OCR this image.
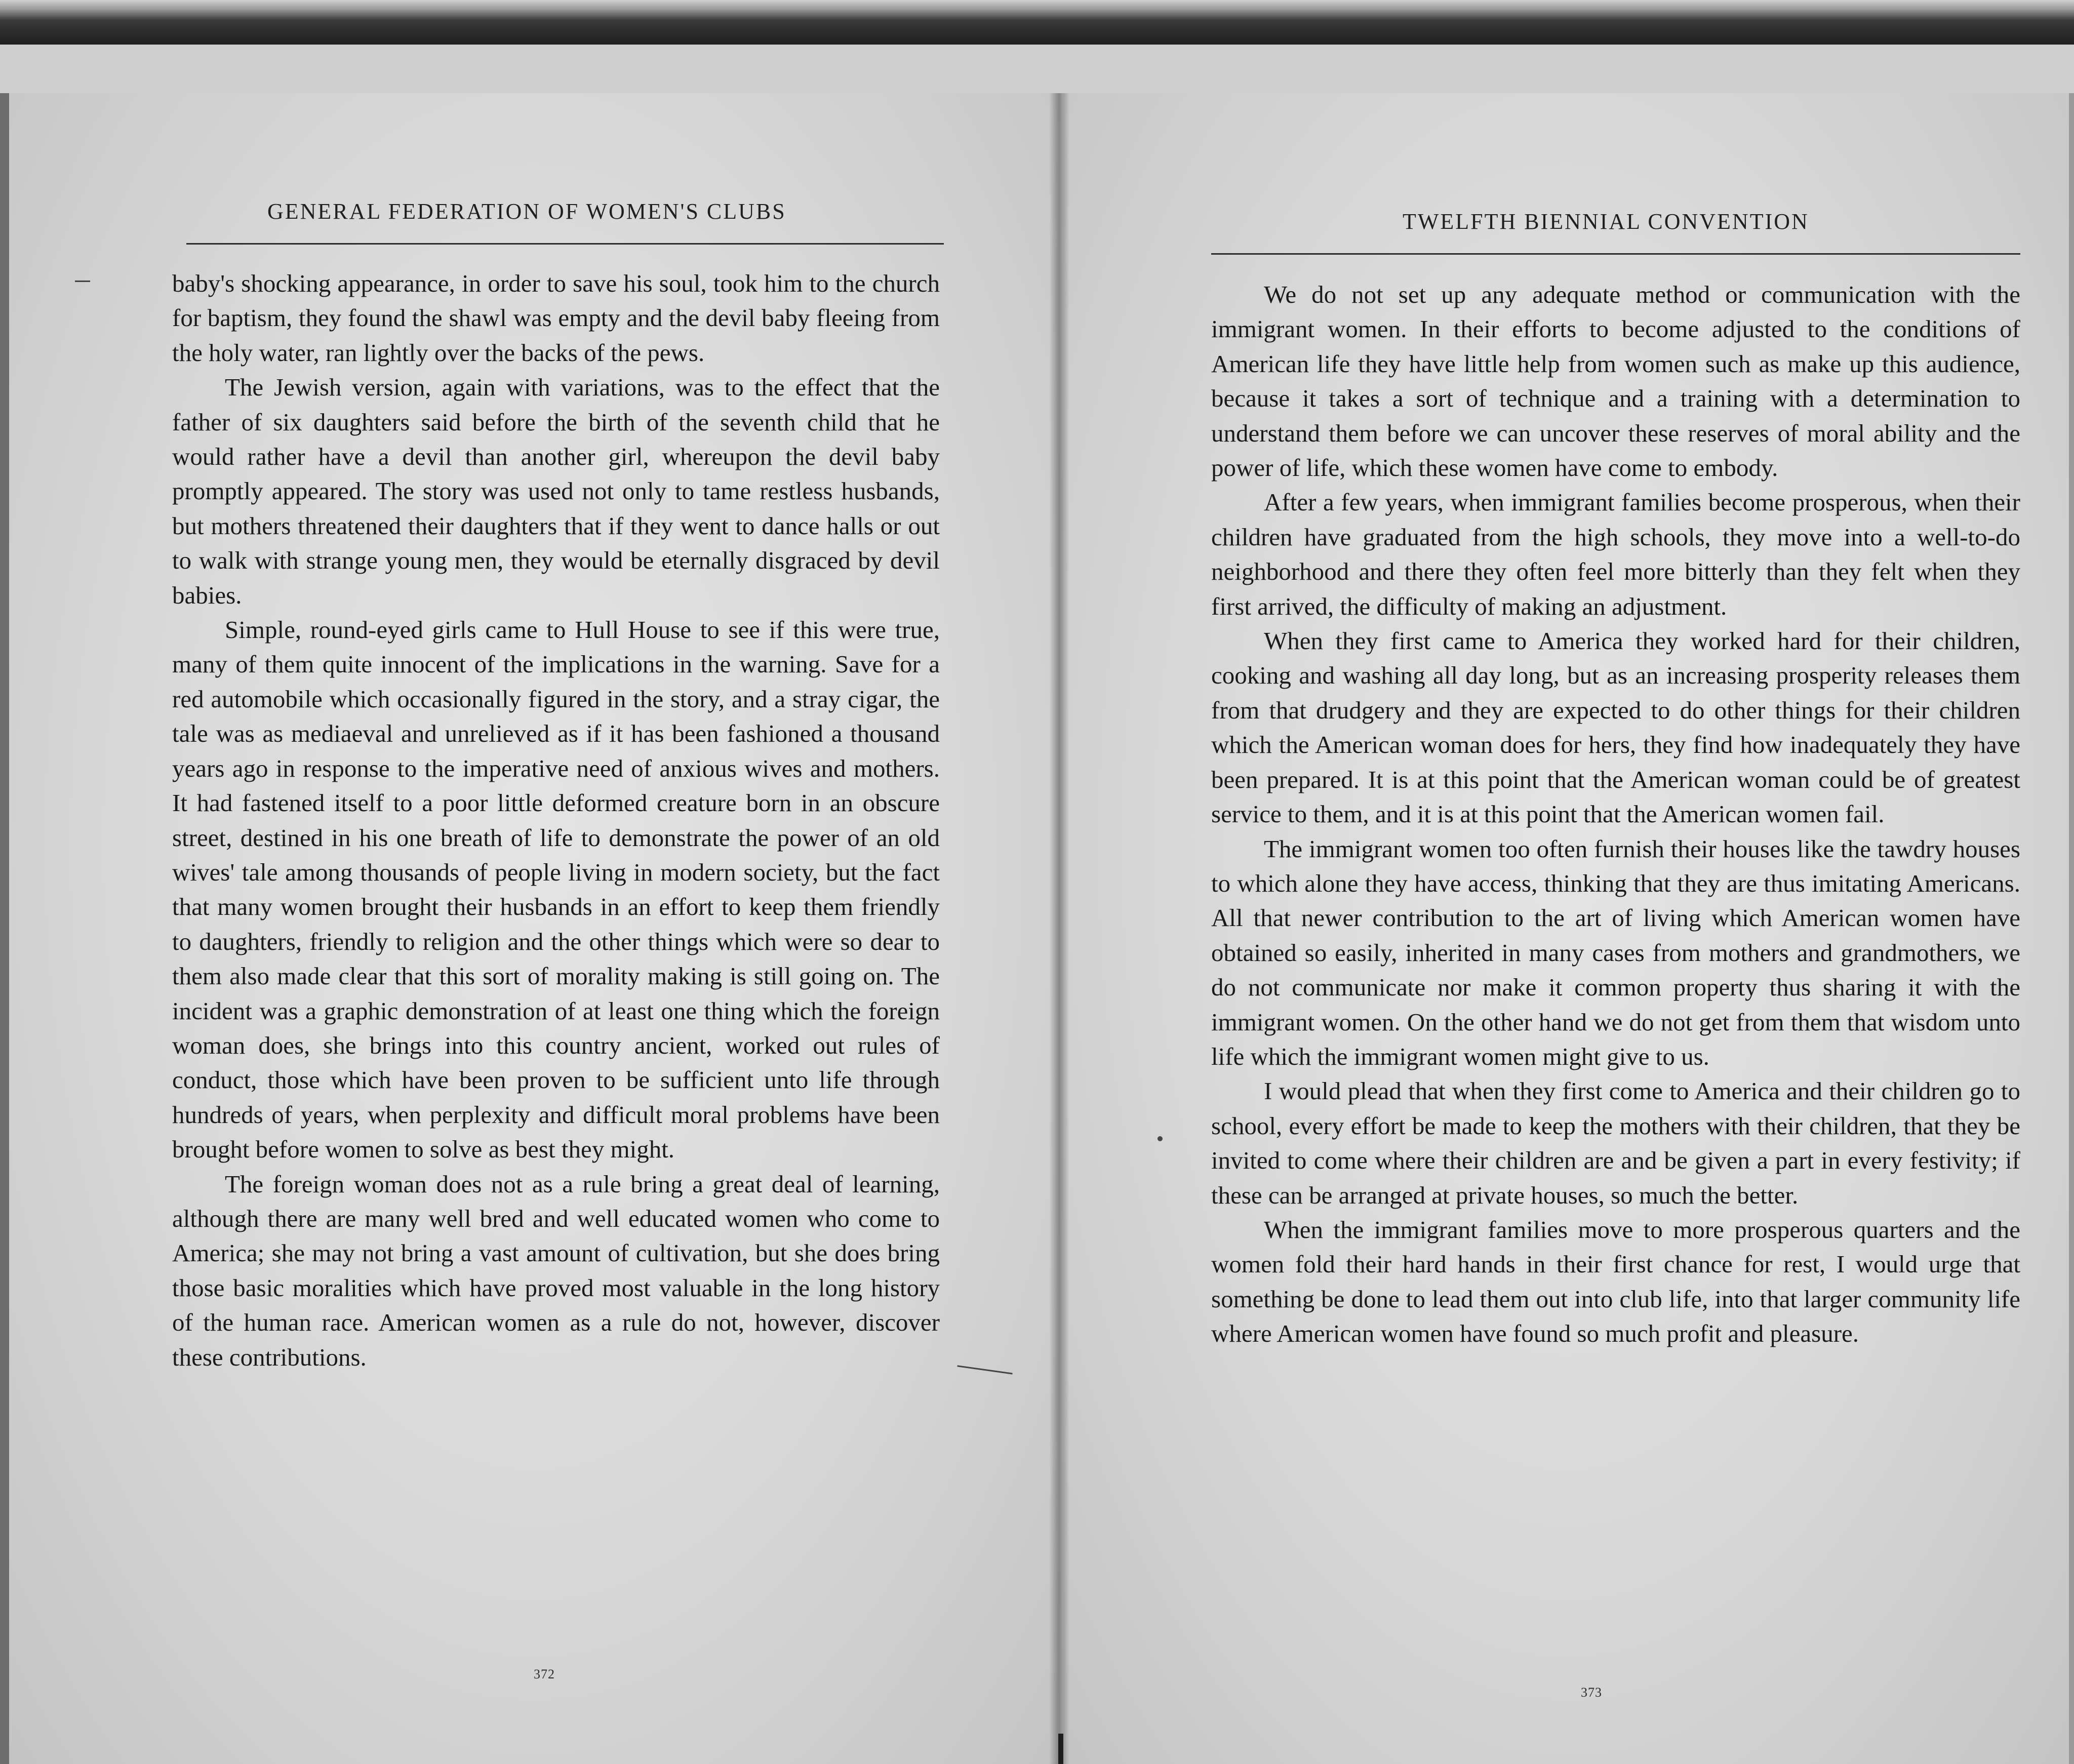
GENERAL FEDERATION OF WOMEN'S CLUBS

baby's shocking appearance, in order to save his soul, took him to the church for baptism, they found the shawl was empty and the devil baby fleeing from the holy water, ran lightly over the backs of the pews.

The Jewish version, again with variations, was to the effect that the father of six daughters said before the birth of the seventh child that he would rather have a devil than another girl, whereupon the devil baby promptly appeared. The story was used not only to tame restless husbands, but mothers threatened their daughters that if they went to dance halls or out to walk with strange young men, they would be eternally disgraced by devil babies.

Simple, round-eyed girls came to Hull House to see if this were true, many of them quite innocent of the implications in the warning. Save for a red automobile which occasionally figured in the story, and a stray cigar, the tale was as mediaeval and unrelieved as if it has been fashioned a thousand years ago in response to the imperative need of anxious wives and mothers. It had fastened itself to a poor little deformed creature born in an obscure street, destined in his one breath of life to demonstrate the power of an old wives' tale among thousands of people living in modern society, but the fact that many women brought their husbands in an effort to keep them friendly to daughters, friendly to religion and the other things which were so dear to them also made clear that this sort of morality making is still going on. The incident was a graphic demonstration of at least one thing which the foreign woman does, she brings into this country ancient, worked out rules of conduct, those which have been proven to be sufficient unto life through hundreds of years, when perplexity and difficult moral problems have been brought before women to solve as best they might.

The foreign woman does not as a rule bring a great deal of learning, although there are many well bred and well educated women who come to America; she may not bring a vast amount of cultivation, but she does bring those basic moralities which have proved most valuable in the long history of the human race. American women as a rule do not, however, discover these contributions.

372
TWELFTH BIENNIAL CONVENTION

We do not set up any adequate method or communication with the immigrant women. In their efforts to become adjusted to the conditions of American life they have little help from women such as make up this audience, because it takes a sort of technique and a training with a determination to understand them before we can uncover these reserves of moral ability and the power of life, which these women have come to embody.

After a few years, when immigrant families become prosperous, when their children have graduated from the high schools, they move into a well-to-do neighborhood and there they often feel more bitterly than they felt when they first arrived, the difficulty of making an adjustment.

When they first came to America they worked hard for their children, cooking and washing all day long, but as an increasing prosperity releases them from that drudgery and they are expected to do other things for their children which the American woman does for hers, they find how inadequately they have been prepared. It is at this point that the American woman could be of greatest service to them, and it is at this point that the American women fail.

The immigrant women too often furnish their houses like the tawdry houses to which alone they have access, thinking that they are thus imitating Americans. All that newer contribution to the art of living which American women have obtained so easily, inherited in many cases from mothers and grandmothers, we do not communicate nor make it common property thus sharing it with the immigrant women. On the other hand we do not get from them that wisdom unto life which the immigrant women might give to us.

I would plead that when they first come to America and their children go to school, every effort be made to keep the mothers with their children, that they be invited to come where their children are and be given a part in every festivity; if these can be arranged at private houses, so much the better.

When the immigrant families move to more prosperous quarters and the women fold their hard hands in their first chance for rest, I would urge that something be done to lead them out into club life, into that larger community life where American women have found so much profit and pleasure.

373
